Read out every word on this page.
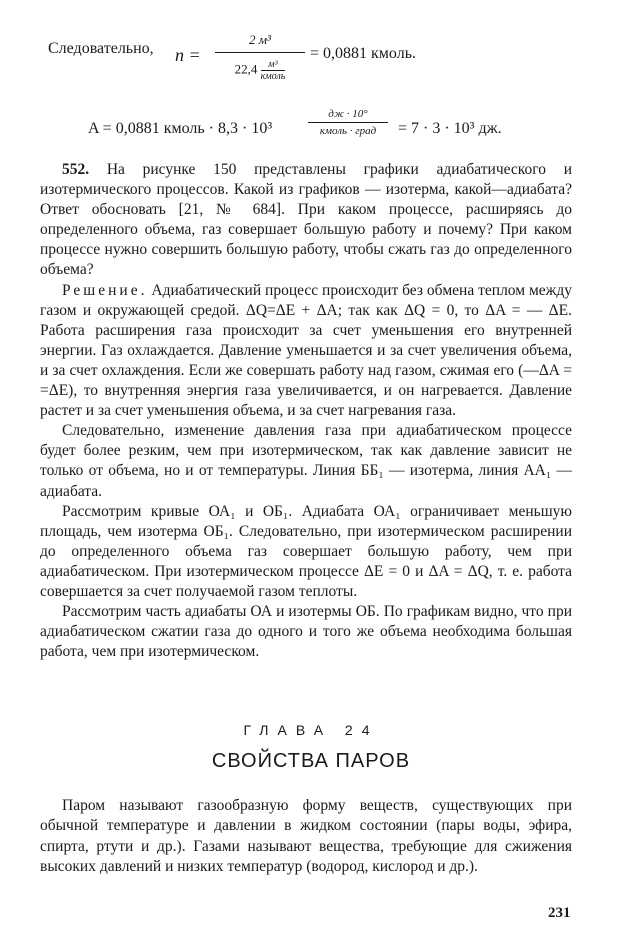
Следовательно, n =
2 м³
22,4	м³
кмоль
= 0,0881 кмоль.
A = 0,0881 кмоль · 8,3 · 10³
дж · 10°
кмоль · град	= 7 · 3 · 10³ дж.

552. На рисунке 150 представлены графики адиабатического и изотермического процессов. Какой из графиков — изотерма, какой—адиабата? Ответ обосновать [21, № 684]. При каком процессе, расширяясь до определенного объема, газ совершает большую работу и почему? При каком процессе нужно совершить большую работу, чтобы сжать газ до определенного объема?

Решение. Адиабатический процесс происходит без обмена теплом между газом и окружающей средой. ΔQ=ΔE + ΔA; так как ΔQ = 0, то ΔA = — ΔE. Работа расширения газа происходит за счет уменьшения его внутренней энергии. Газ охлаждается. Давление уменьшается и за счет увеличения объема, и за счет охлаждения. Если же совершать работу над газом, сжимая его (—ΔA = =ΔE), то внутренняя энергия газа увеличивается, и он нагревается. Давление растет и за счет уменьшения объема, и за счет нагревания газа.

Следовательно, изменение давления газа при адиабатическом процессе будет более резким, чем при изотермическом, так как давление зависит не только от объема, но и от температуры. Линия ББ₁ — изотерма, линия АА₁ — адиабата.

Рассмотрим кривые ОА₁ и ОБ₁. Адиабата ОА₁ ограничивает меньшую площадь, чем изотерма ОБ₁. Следовательно, при изотермическом расширении до определенного объема газ совершает большую работу, чем при адиабатическом. При изотермическом процессе ΔE = 0 и ΔA = ΔQ, т. е. работа совершается за счет получаемой газом теплоты.

Рассмотрим часть адиабаты ОА и изотермы ОБ. По графикам видно, что при адиабатическом сжатии газа до одного и того же объема необходима большая работа, чем при изотермическом.

ГЛАВА 24
СВОЙСТВА ПАРОВ

Паром называют газообразную форму веществ, существующих при обычной температуре и давлении в жидком состоянии (пары воды, эфира, спирта, ртути и др.). Газами называют вещества, требующие для сжижения высоких давлений и низких температур (водород, кислород и др.).

231
